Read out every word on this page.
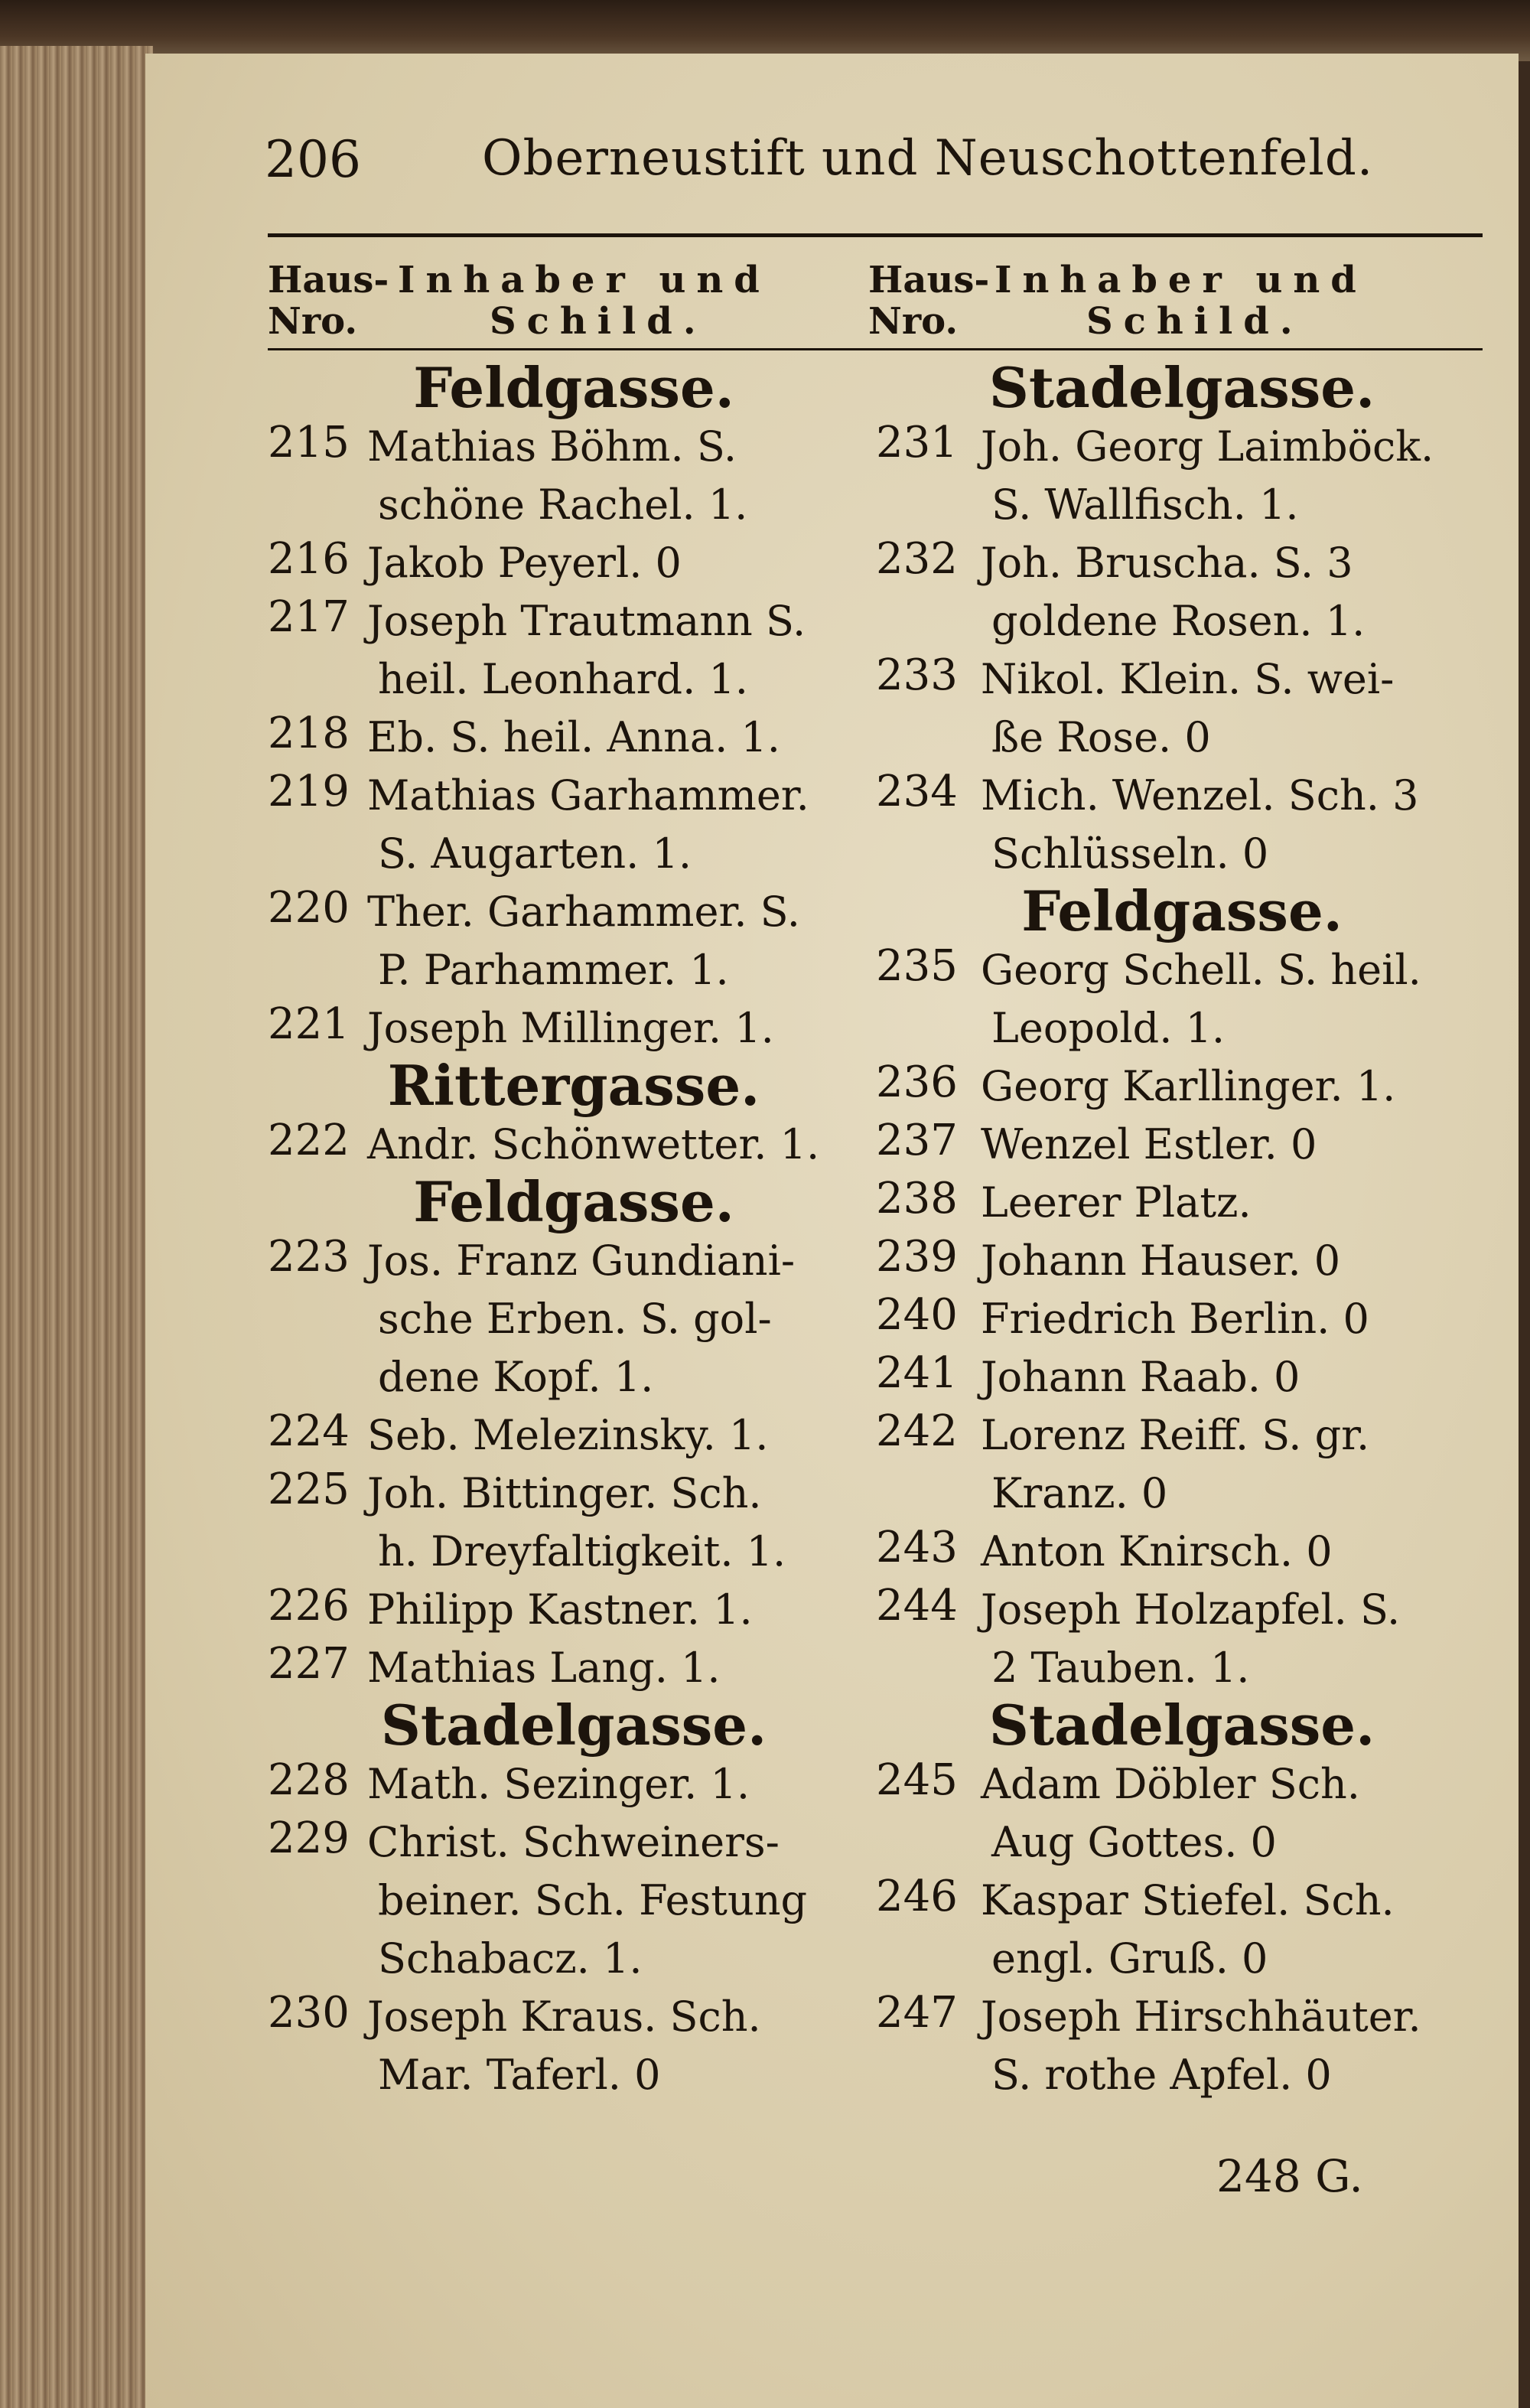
206 Oberneustift und Neuschottenfeld.
Haus-
Nro.
Inhaber und
Schild.
Haus-
Nro.
Inhaber und
Schild.
248 G.
Feldgasse.
215 Mathias Böhm. S.
schöne Rachel. 1.
216 Jakob Peyerl. 0
217 Joseph Trautmann S.
heil. Leonhard. 1.
218 Eb. S. heil. Anna. 1.
219 Mathias Garhammer.
S. Augarten. 1.
220 Ther. Garhammer. S.
P. Parhammer. 1.
221 Joseph Millinger. 1.
Rittergasse.
222 Andr. Schönwetter. 1.
Feldgasse.
223 Jos. Franz Gundiani-
sche Erben. S. gol-
dene Kopf. 1.
224 Seb. Melezinsky. 1.
225 Joh. Bittinger. Sch.
h. Dreyfaltigkeit. 1.
226 Philipp Kastner. 1.
227 Mathias Lang. 1.
Stadelgasse.
228 Math. Sezinger. 1.
229 Christ. Schweiners-
beiner. Sch. Festung
Schabacz. 1.
230 Joseph Kraus. Sch.
Mar. Taferl. 0
Stadelgasse.
231 Joh. Georg Laimböck.
S. Wallfisch. 1.
232 Joh. Bruscha. S. 3
goldene Rosen. 1.
233 Nikol. Klein. S. wei-
ße Rose. 0
234 Mich. Wenzel. Sch. 3
Schlüsseln. 0
Feldgasse.
235 Georg Schell. S. heil.
Leopold. 1.
236 Georg Karllinger. 1.
237 Wenzel Estler. 0
238 Leerer Platz.
239 Johann Hauser. 0
240 Friedrich Berlin. 0
241 Johann Raab. 0
242 Lorenz Reiff. S. gr.
Kranz. 0
243 Anton Knirsch. 0
244 Joseph Holzapfel. S.
2 Tauben. 1.
Stadelgasse.
245 Adam Döbler Sch.
Aug Gottes. 0
246 Kaspar Stiefel. Sch.
engl. Gruß. 0
247 Joseph Hirschhäuter.
S. rothe Apfel. 0
